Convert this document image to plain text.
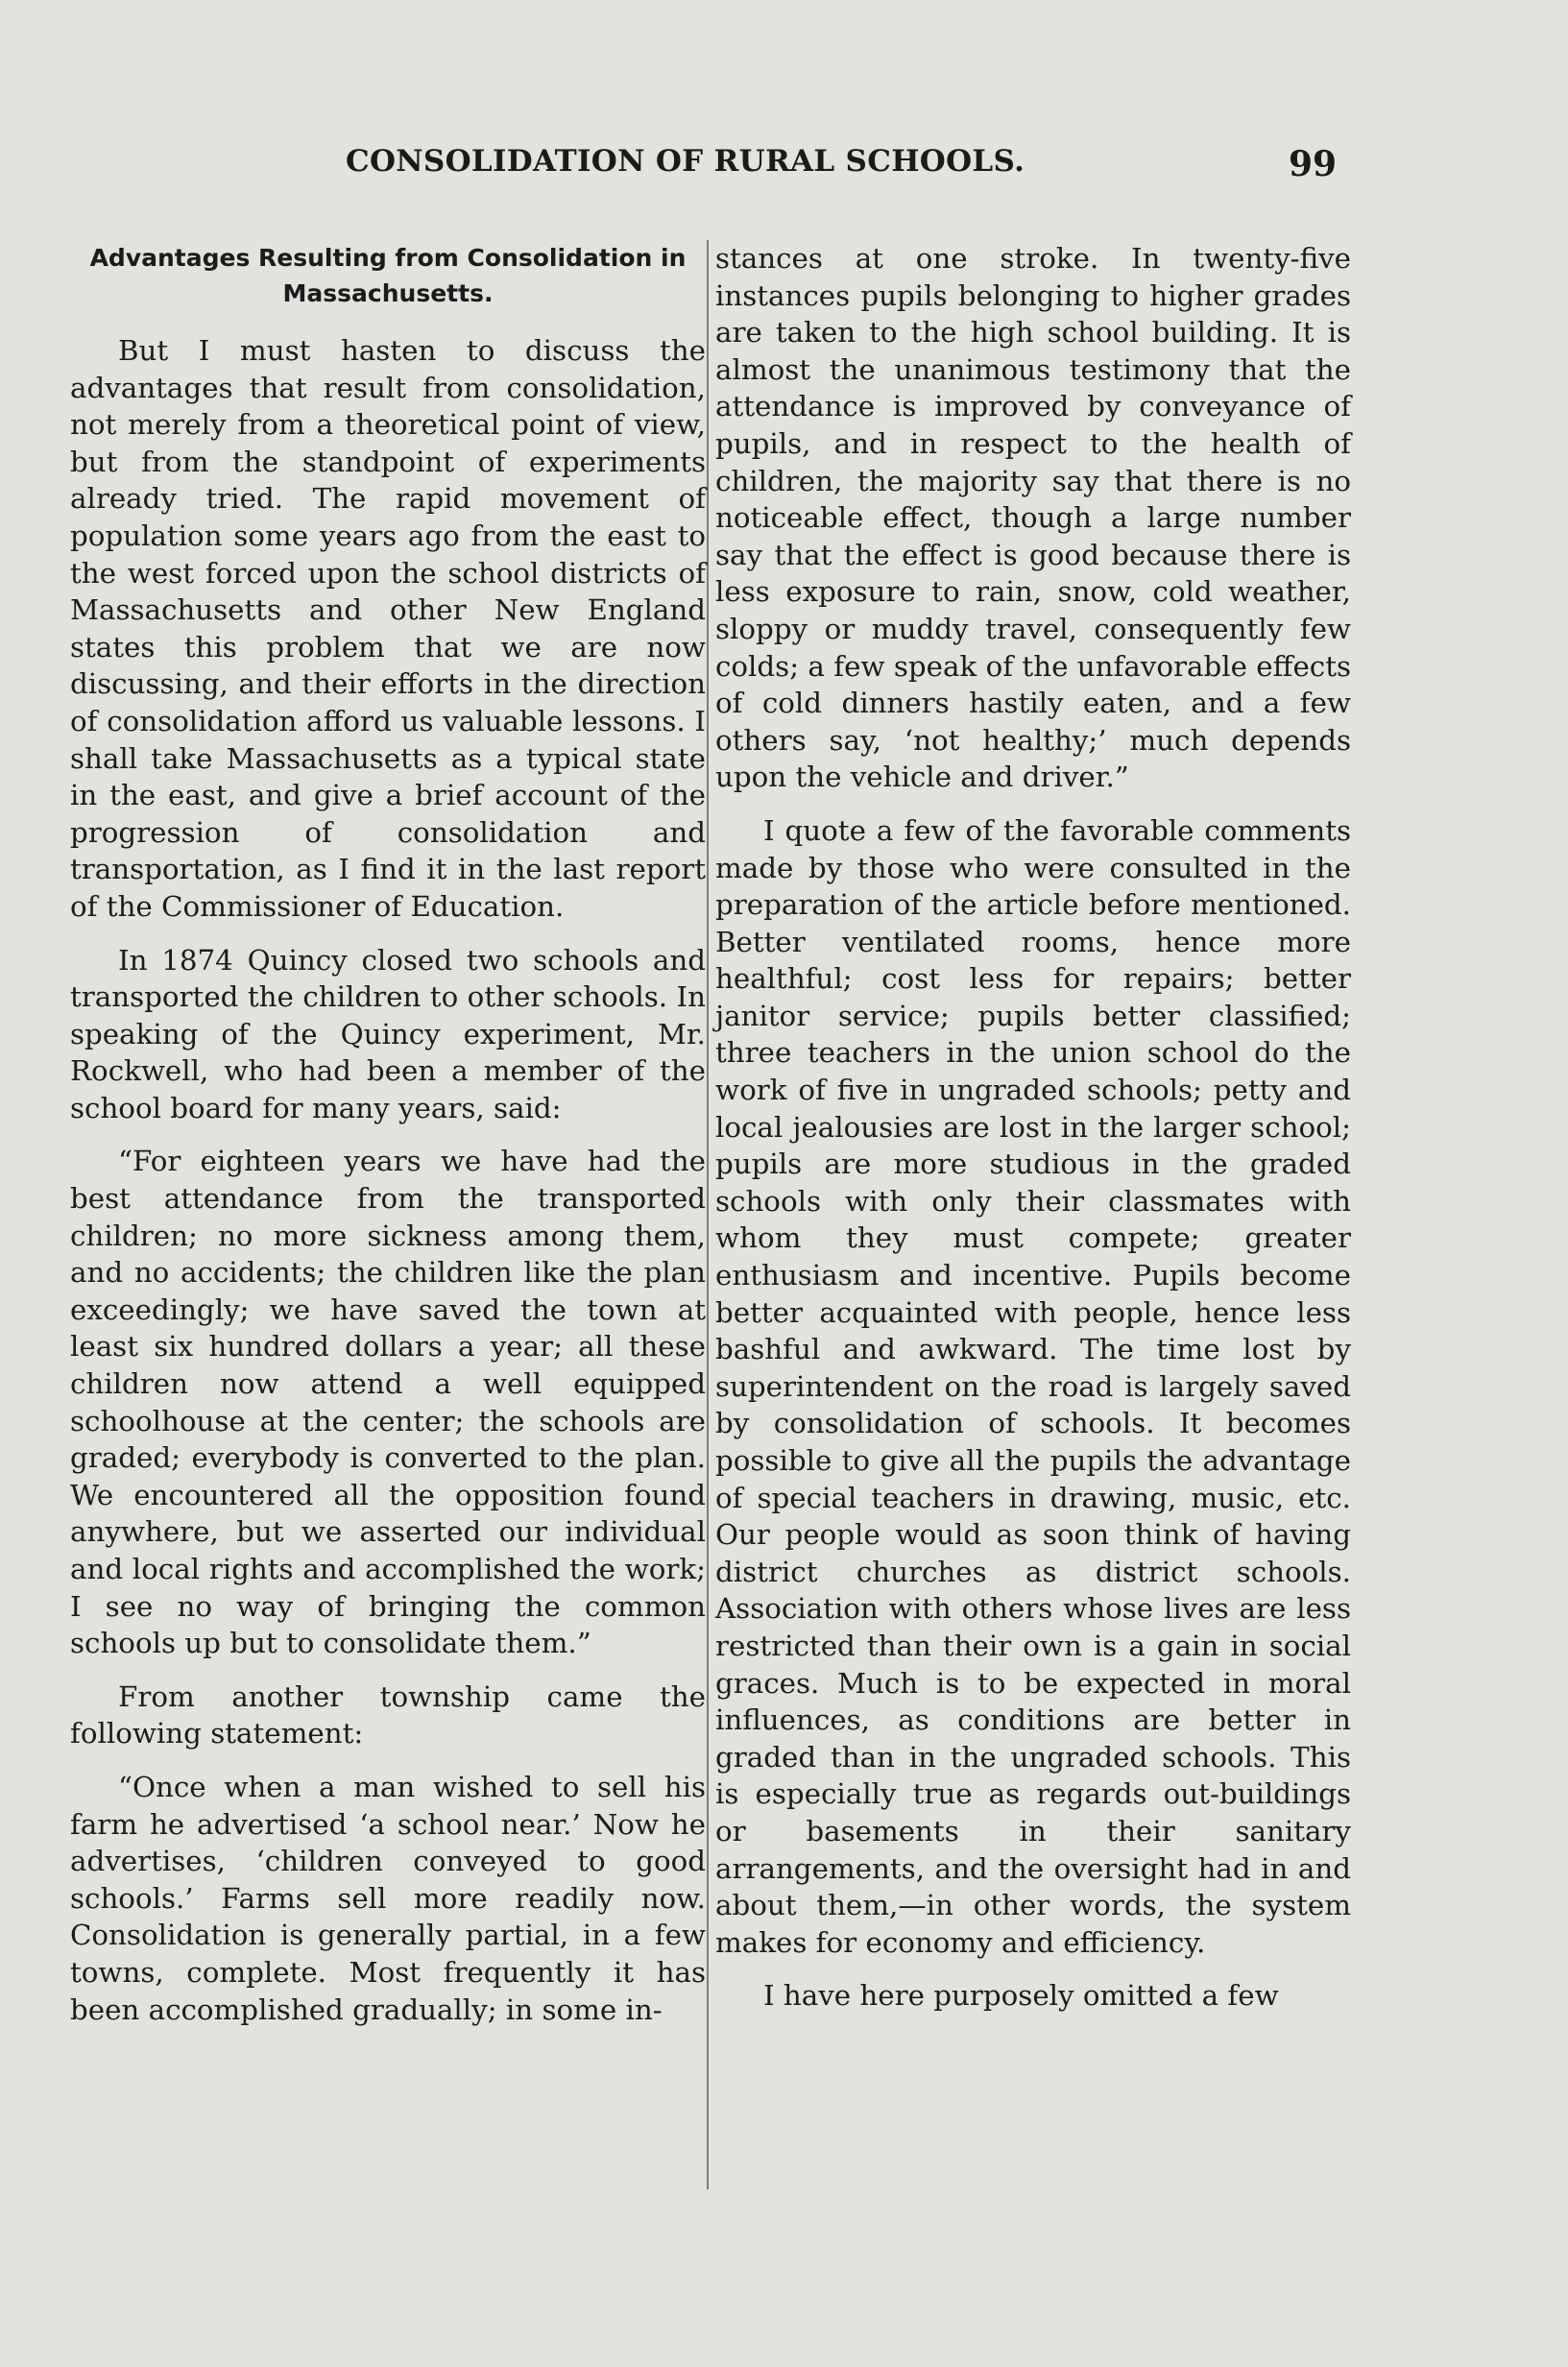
CONSOLIDATION OF RURAL SCHOOLS.	99
Advantages Resulting from Consolidation in Massachusetts.

But I must hasten to discuss the advantages that result from consolidation, not merely from a theoretical point of view, but from the standpoint of experiments already tried. The rapid movement of population some years ago from the east to the west forced upon the school districts of Massachusetts and other New England states this problem that we are now discussing, and their efforts in the direction of consolidation afford us valuable lessons. I shall take Massachusetts as a typical state in the east, and give a brief account of the progression of consolidation and transportation, as I find it in the last report of the Commissioner of Education.

In 1874 Quincy closed two schools and transported the children to other schools. In speaking of the Quincy experiment, Mr. Rockwell, who had been a member of the school board for many years, said:

“For eighteen years we have had the best attendance from the transported children; no more sickness among them, and no accidents; the children like the plan exceedingly; we have saved the town at least six hundred dollars a year; all these children now attend a well equipped schoolhouse at the center; the schools are graded; everybody is converted to the plan. We encountered all the opposition found anywhere, but we asserted our individual and local rights and accomplished the work; I see no way of bringing the common schools up but to consolidate them.”

From another township came the following statement:

“Once when a man wished to sell his farm he advertised ‘a school near.’ Now he advertises, ‘children conveyed to good schools.’ Farms sell more readily now. Consolidation is generally partial, in a few towns, complete. Most frequently it has been accomplished gradually; in some in-

stances at one stroke. In twenty-five instances pupils belonging to higher grades are taken to the high school building. It is almost the unanimous testimony that the attendance is improved by conveyance of pupils, and in respect to the health of children, the majority say that there is no noticeable effect, though a large number say that the effect is good because there is less exposure to rain, snow, cold weather, sloppy or muddy travel, consequently few colds; a few speak of the unfavorable effects of cold dinners hastily eaten, and a few others say, ‘not healthy;’ much depends upon the vehicle and driver.”

I quote a few of the favorable comments made by those who were consulted in the preparation of the article before mentioned. Better ventilated rooms, hence more healthful; cost less for repairs; better janitor service; pupils better classified; three teachers in the union school do the work of five in ungraded schools; petty and local jealousies are lost in the larger school; pupils are more studious in the graded schools with only their classmates with whom they must compete; greater enthusiasm and incentive. Pupils become better acquainted with people, hence less bashful and awkward. The time lost by superintendent on the road is largely saved by consolidation of schools. It becomes possible to give all the pupils the advantage of special teachers in drawing, music, etc. Our people would as soon think of having district churches as district schools. Association with others whose lives are less restricted than their own is a gain in social graces. Much is to be expected in moral influences, as conditions are better in graded than in the ungraded schools. This is especially true as regards out-buildings or basements in their sanitary arrangements, and the oversight had in and about them,—in other words, the system makes for economy and efficiency.

I have here purposely omitted a few
